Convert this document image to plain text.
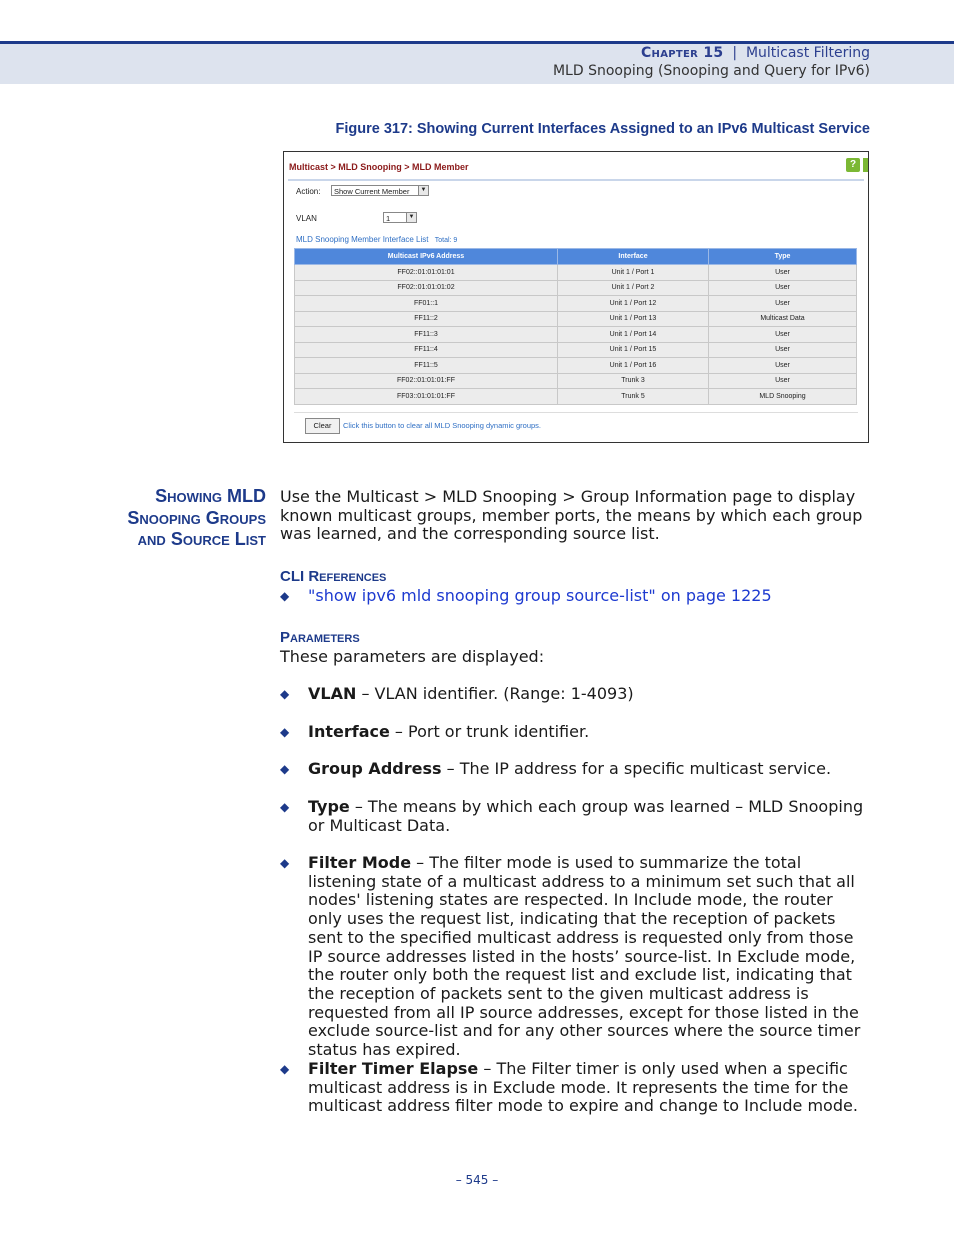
Chapter 15 | Multicast Filtering
MLD Snooping (Snooping and Query for IPv6)
Figure 317: Showing Current Interfaces Assigned to an IPv6 Multicast Service
Multicast > MLD Snooping > MLD Member	?
Action:	Show Current Member	▼
VLAN	1	▼
MLD Snooping Member Interface List Total: 9
Multicast IPv6 Address	Interface	Type
FF02::01:01:01:01	Unit 1 / Port 1	User
FF02::01:01:01:02	Unit 1 / Port 2	User
FF01::1	Unit 1 / Port 12	User
FF11::2	Unit 1 / Port 13	Multicast Data
FF11::3	Unit 1 / Port 14	User
FF11::4	Unit 1 / Port 15	User
FF11::5	Unit 1 / Port 16	User
FF02::01:01:01:FF	Trunk 3	User
FF03::01:01:01:FF	Trunk 5	MLD Snooping
Clear	Click this button to clear all MLD Snooping dynamic groups.
Showing MLD
Snooping Groups
and Source List
Use the Multicast > MLD Snooping > Group Information page to display known multicast groups, member ports, the means by which each group was learned, and the corresponding source list.
CLI References
◆ "show ipv6 mld snooping group source-list" on page 1225
Parameters
These parameters are displayed:
◆ VLAN – VLAN identifier. (Range: 1-4093)
◆ Interface – Port or trunk identifier.
◆ Group Address – The IP address for a specific multicast service.
◆ Type – The means by which each group was learned – MLD Snooping or Multicast Data.
◆ Filter Mode – The filter mode is used to summarize the total listening state of a multicast address to a minimum set such that all nodes' listening states are respected. In Include mode, the router only uses the request list, indicating that the reception of packets sent to the specified multicast address is requested only from those IP source addresses listed in the hosts’ source-list. In Exclude mode, the router only both the request list and exclude list, indicating that the reception of packets sent to the given multicast address is requested from all IP source addresses, except for those listed in the exclude source-list and for any other sources where the source timer status has expired.
◆ Filter Timer Elapse – The Filter timer is only used when a specific multicast address is in Exclude mode. It represents the time for the multicast address filter mode to expire and change to Include mode.
– 545 –
